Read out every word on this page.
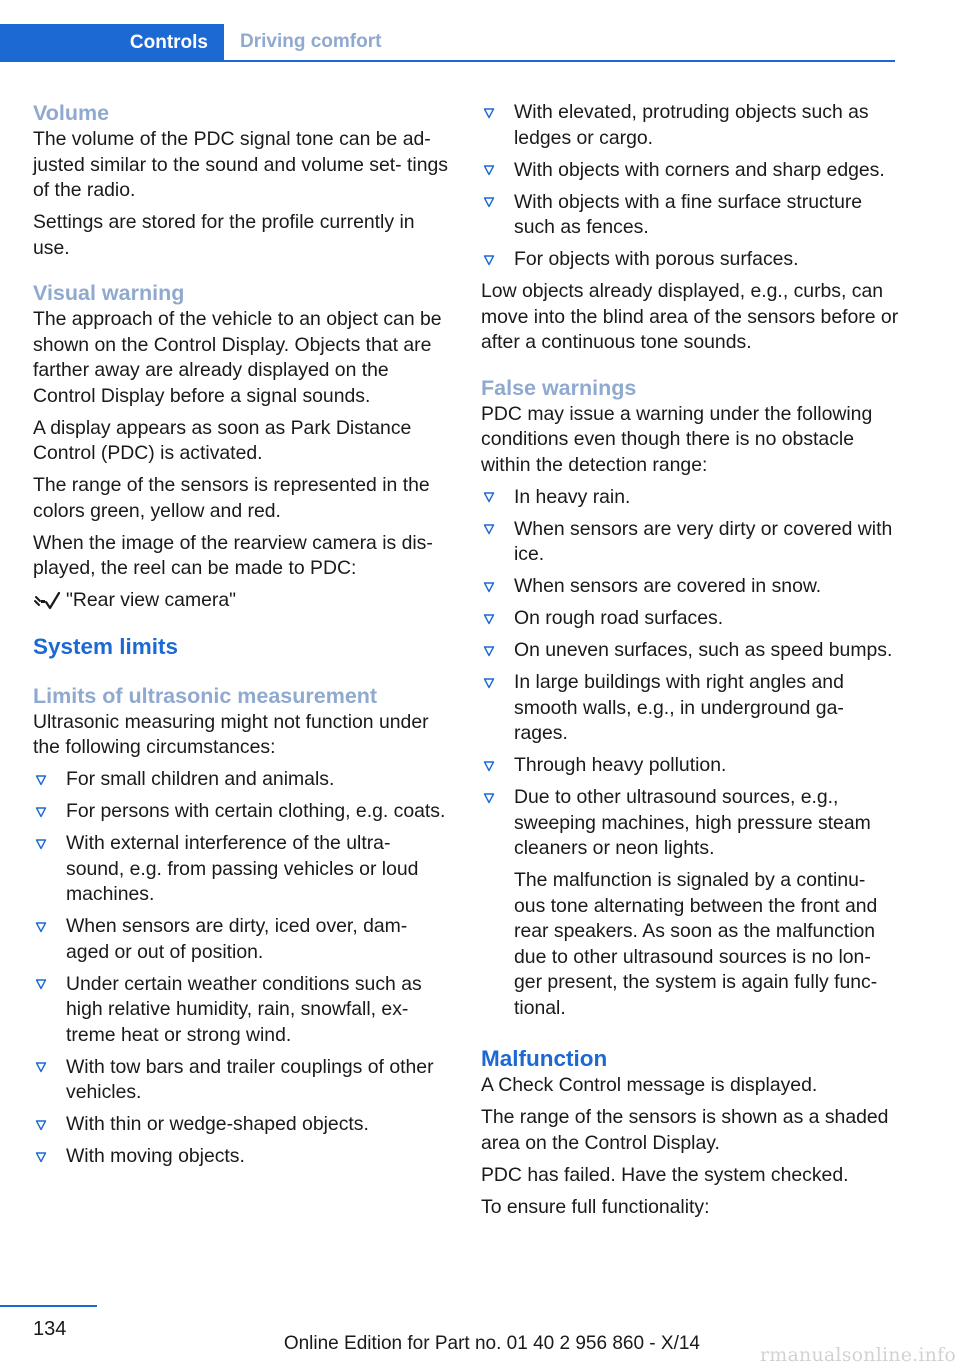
Controls	Driving comfort
Volume

The volume of the PDC signal tone can be ad‐ justed similar to the sound and volume set‐ tings of the radio.

Settings are stored for the profile currently in use.

Visual warning

The approach of the vehicle to an object can be shown on the Control Display. Objects that are farther away are already displayed on the Control Display before a signal sounds.

A display appears as soon as Park Distance Control (PDC) is activated.

The range of the sensors is represented in the colors green, yellow and red.

When the image of the rearview camera is dis‐ played, the reel can be made to PDC:

"Rear view camera"

System limits
Limits of ultrasonic measurement

Ultrasonic measuring might not function under the following circumstances:

For small children and animals.
For persons with certain clothing, e.g. coats.
With external interference of the ultra‐ sound, e.g. from passing vehicles or loud machines.
When sensors are dirty, iced over, dam‐ aged or out of position.
Under certain weather conditions such as high relative humidity, rain, snowfall, ex‐ treme heat or strong wind.
With tow bars and trailer couplings of other vehicles.
With thin or wedge-shaped objects.
With moving objects.
With elevated, protruding objects such as ledges or cargo.
With objects with corners and sharp edges.
With objects with a fine surface structure such as fences.
For objects with porous surfaces.

Low objects already displayed, e.g., curbs, can move into the blind area of the sensors before or after a continuous tone sounds.

False warnings

PDC may issue a warning under the following conditions even though there is no obstacle within the detection range:

In heavy rain.
When sensors are very dirty or covered with ice.
When sensors are covered in snow.
On rough road surfaces.
On uneven surfaces, such as speed bumps.
In large buildings with right angles and smooth walls, e.g., in underground ga‐ rages.
Through heavy pollution.
Due to other ultrasound sources, e.g., sweeping machines, high pressure steam cleaners or neon lights.
The malfunction is signaled by a continu‐ ous tone alternating between the front and rear speakers. As soon as the malfunction due to other ultrasound sources is no lon‐ ger present, the system is again fully func‐ tional.
Malfunction

A Check Control message is displayed.

The range of the sensors is shown as a shaded area on the Control Display.

PDC has failed. Have the system checked.

To ensure full functionality:

134
Online Edition for Part no. 01 40 2 956 860 - X/14
rmanualsonline.info
